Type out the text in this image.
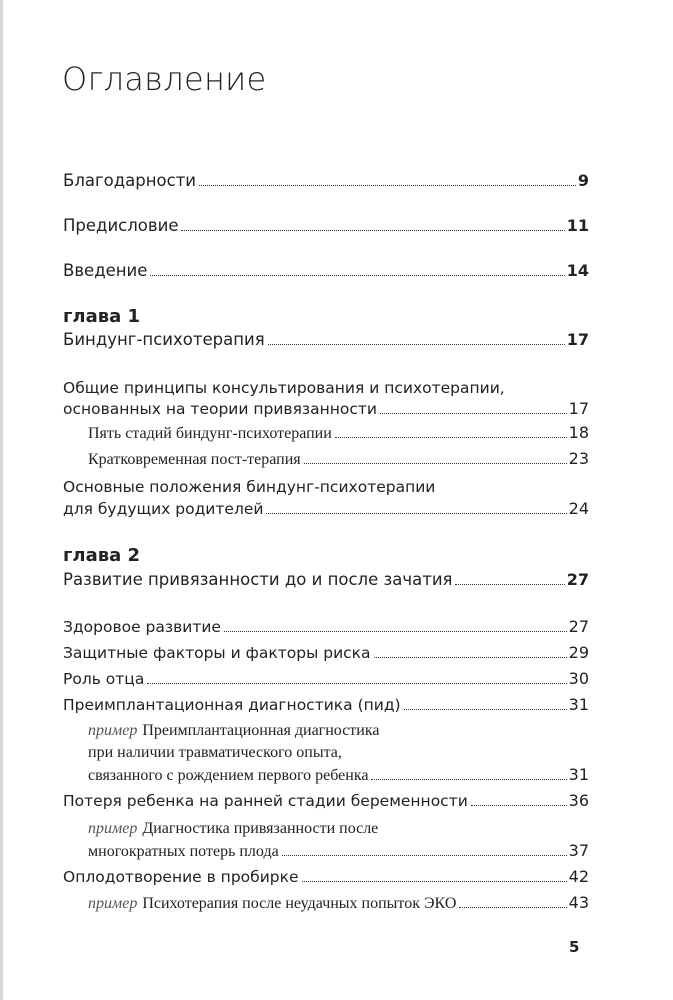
Оглавление
Благодарности	9
Предисловие	11
Введение	14
глава 1
Биндунг-психотерапия	17
Общие принципы консультирования и психотерапии,
основанных на теории привязанности	17
Пять стадий биндунг-психотерапии	18
Кратковременная пост-терапия	23
Основные положения биндунг-психотерапии
для будущих родителей	24
глава 2
Развитие привязанности до и после зачатия	27
Здоровое развитие	27
Защитные факторы и факторы риска	29
Роль отца	30
Преимплантационная диагностика (пид)	31
пример Преимплантационная диагностика
при наличии травматического опыта,
связанного с рождением первого ребенка	31
Потеря ребенка на ранней стадии беременности	36
пример Диагностика привязанности после
многократных потерь плода	37
Оплодотворение в пробирке	42
пример Психотерапия после неудачных попыток ЭКО	43
5
